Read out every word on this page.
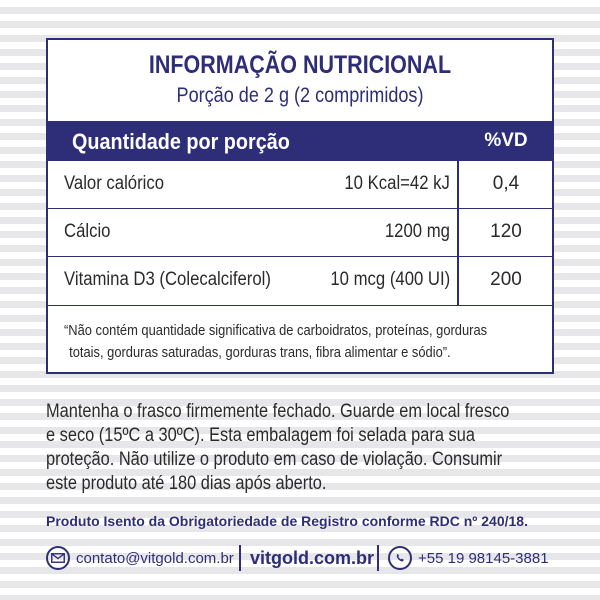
INFORMAÇÃO NUTRICIONAL
Porção de 2 g (2 comprimidos)
Quantidade por porção	%VD
Valor calórico	10 Kcal=42 kJ	0,4
Cálcio	1200 mg	120
Vitamina D3 (Colecalciferol)	10 mcg (400 UI)	200
“Não contém quantidade significativa de carboidratos, proteínas, gorduras
totais, gorduras saturadas, gorduras trans, fibra alimentar e sódio”.
Mantenha o frasco firmemente fechado. Guarde em local fresco
e seco (15ºC a 30ºC). Esta embalagem foi selada para sua
proteção. Não utilize o produto em caso de violação. Consumir
este produto até 180 dias após aberto.
Produto Isento da Obrigatoriedade de Registro conforme RDC nº 240/18.
contato@vitgold.com.br vitgold.com.br	+55 19 98145-3881
